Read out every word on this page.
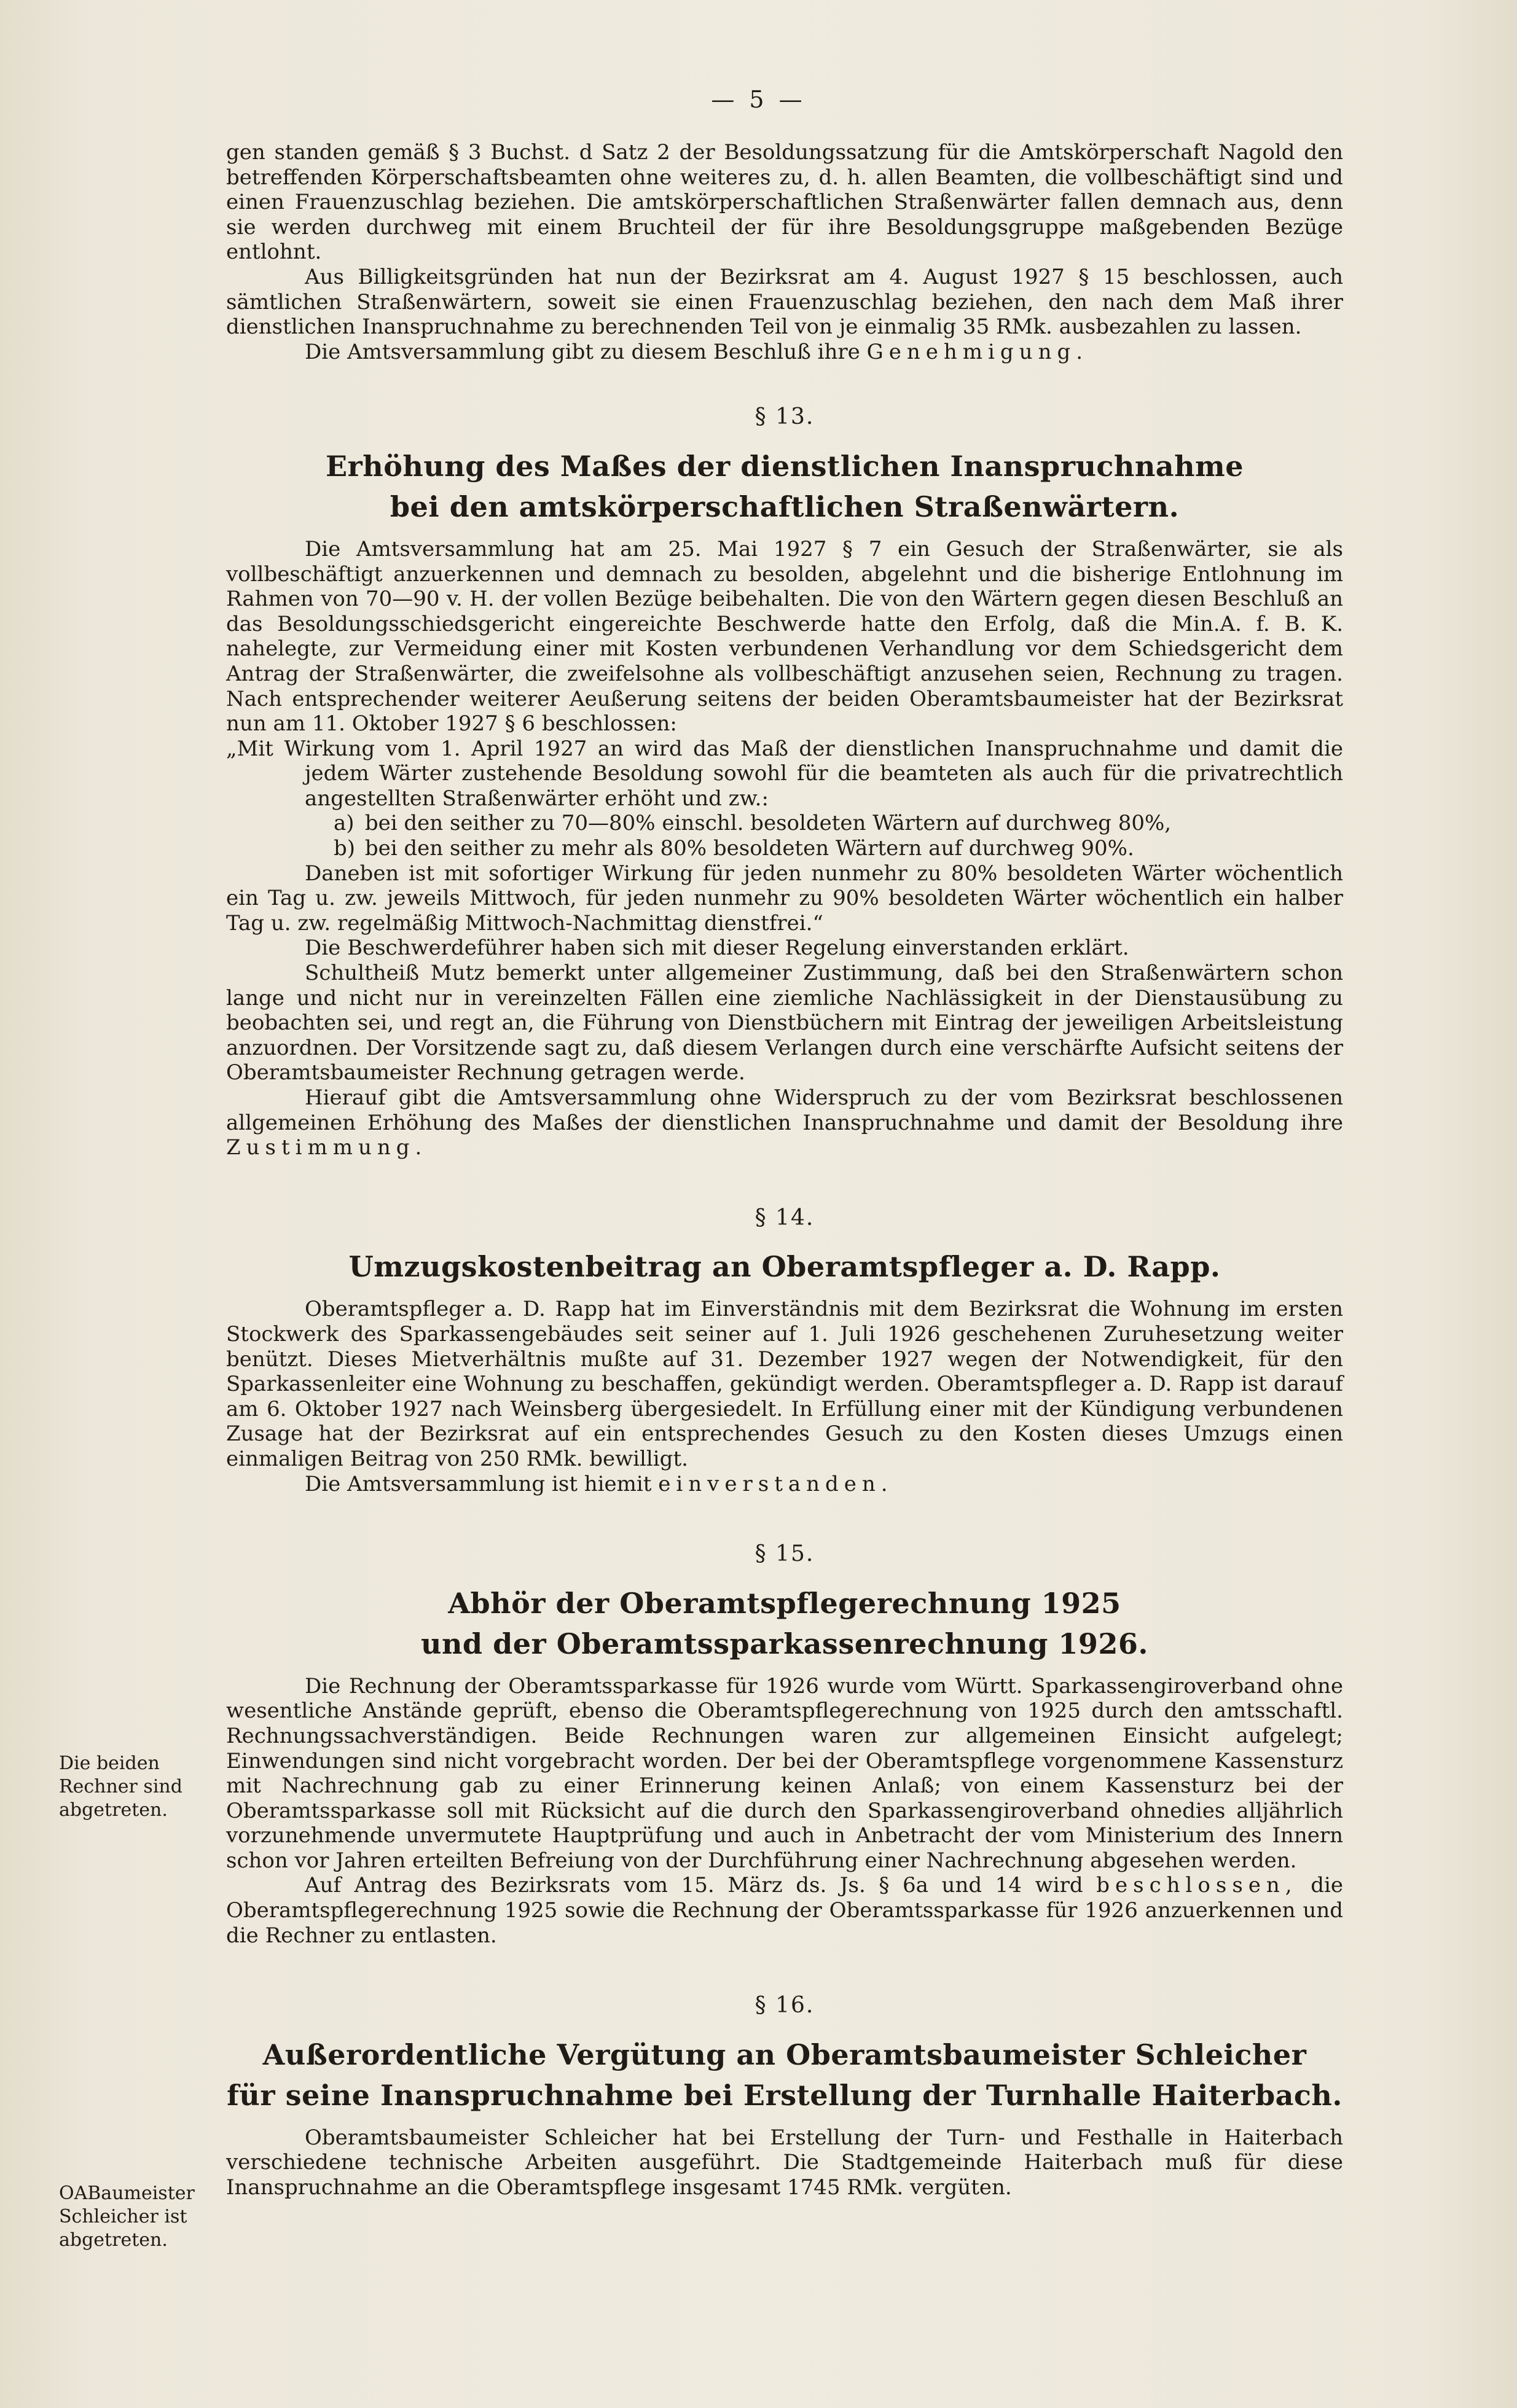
— 5 —

gen standen gemäß § 3 Buchst. d Satz 2 der Besoldungssatzung für die Amtskörperschaft Nagold den betreffenden Körperschaftsbeamten ohne weiteres zu, d. h. allen Beamten, die vollbeschäftigt sind und einen Frauenzuschlag beziehen. Die amtskörperschaftlichen Straßenwärter fallen demnach aus, denn sie werden durchweg mit einem Bruchteil der für ihre Besoldungsgruppe maßgebenden Bezüge entlohnt.

Aus Billigkeitsgründen hat nun der Bezirksrat am 4. August 1927 § 15 beschlossen, auch sämtlichen Straßenwärtern, soweit sie einen Frauenzuschlag beziehen, den nach dem Maß ihrer dienstlichen Inanspruchnahme zu berechnenden Teil von je einmalig 35 RMk. ausbezahlen zu lassen.

Die Amtsversammlung gibt zu diesem Beschluß ihre Genehmigung.

§ 13.
Erhöhung des Maßes der dienstlichen Inanspruchnahme
bei den amtskörperschaftlichen Straßenwärtern.

Die Amtsversammlung hat am 25. Mai 1927 § 7 ein Gesuch der Straßenwärter, sie als vollbeschäftigt anzuerkennen und demnach zu besolden, abgelehnt und die bisherige Entlohnung im Rahmen von 70—90 v. H. der vollen Bezüge beibehalten. Die von den Wärtern gegen diesen Beschluß an das Besoldungsschiedsgericht eingereichte Beschwerde hatte den Erfolg, daß die Min.A. f. B. K. nahelegte, zur Vermeidung einer mit Kosten verbundenen Verhandlung vor dem Schiedsgericht dem Antrag der Straßenwärter, die zweifelsohne als vollbeschäftigt anzusehen seien, Rechnung zu tragen. Nach entsprechender weiterer Aeußerung seitens der beiden Oberamtsbaumeister hat der Bezirksrat nun am 11. Oktober 1927 § 6 beschlossen:

„Mit Wirkung vom 1. April 1927 an wird das Maß der dienstlichen Inanspruchnahme und damit die jedem Wärter zustehende Besoldung sowohl für die beamteten als auch für die privatrechtlich angestellten Straßenwärter erhöht und zw.:

a) bei den seither zu 70—80% einschl. besoldeten Wärtern auf durchweg 80%,

b) bei den seither zu mehr als 80% besoldeten Wärtern auf durchweg 90%.

Daneben ist mit sofortiger Wirkung für jeden nunmehr zu 80% besoldeten Wärter wöchentlich ein Tag u. zw. jeweils Mittwoch, für jeden nunmehr zu 90% besoldeten Wärter wöchentlich ein halber Tag u. zw. regelmäßig Mittwoch-Nachmittag dienstfrei.“

Die Beschwerdeführer haben sich mit dieser Regelung einverstanden erklärt.

Schultheiß Mutz bemerkt unter allgemeiner Zustimmung, daß bei den Straßenwärtern schon lange und nicht nur in vereinzelten Fällen eine ziemliche Nachlässigkeit in der Dienstausübung zu beobachten sei, und regt an, die Führung von Dienstbüchern mit Eintrag der jeweiligen Arbeitsleistung anzuordnen. Der Vorsitzende sagt zu, daß diesem Verlangen durch eine verschärfte Aufsicht seitens der Oberamtsbaumeister Rechnung getragen werde.

Hierauf gibt die Amtsversammlung ohne Widerspruch zu der vom Bezirksrat beschlossenen allgemeinen Erhöhung des Maßes der dienstlichen Inanspruchnahme und damit der Besoldung ihre Zustimmung.

§ 14.
Umzugskostenbeitrag an Oberamtspfleger a. D. Rapp.

Oberamtspfleger a. D. Rapp hat im Einverständnis mit dem Bezirksrat die Wohnung im ersten Stockwerk des Sparkassengebäudes seit seiner auf 1. Juli 1926 geschehenen Zuruhesetzung weiter benützt. Dieses Mietverhältnis mußte auf 31. Dezember 1927 wegen der Notwendigkeit, für den Sparkassenleiter eine Wohnung zu beschaffen, gekündigt werden. Oberamtspfleger a. D. Rapp ist darauf am 6. Oktober 1927 nach Weinsberg übergesiedelt. In Erfüllung einer mit der Kündigung verbundenen Zusage hat der Bezirksrat auf ein entsprechendes Gesuch zu den Kosten dieses Umzugs einen einmaligen Beitrag von 250 RMk. bewilligt.

Die Amtsversammlung ist hiemit einverstanden.

§ 15.
Abhör der Oberamtspflegerechnung 1925
und der Oberamtssparkassenrechnung 1926.

Die Rechnung der Oberamtssparkasse für 1926 wurde vom Württ. Sparkassengiroverband ohne wesentliche Anstände geprüft, ebenso die Oberamtspflegerechnung von 1925 durch den amtsschaftl. Rechnungssachverständigen. Beide Rechnungen waren zur allgemeinen Einsicht aufgelegt; Einwendungen sind nicht vorgebracht worden. Der bei der Oberamtspflege vorgenommene Kassensturz mit Nachrechnung gab zu einer Erinnerung keinen Anlaß; von einem Kassensturz bei der Oberamtssparkasse soll mit Rücksicht auf die durch den Sparkassengiroverband ohnedies alljährlich vorzunehmende unvermutete Hauptprüfung und auch in Anbetracht der vom Ministerium des Innern schon vor Jahren erteilten Befreiung von der Durchführung einer Nachrechnung abgesehen werden.

Auf Antrag des Bezirksrats vom 15. März ds. Js. § 6a und 14 wird beschlossen, die Oberamtspflegerechnung 1925 sowie die Rechnung der Oberamtssparkasse für 1926 anzuerkennen und die Rechner zu entlasten.

§ 16.
Außerordentliche Vergütung an Oberamtsbaumeister Schleicher
für seine Inanspruchnahme bei Erstellung der Turnhalle Haiterbach.

Oberamtsbaumeister Schleicher hat bei Erstellung der Turn- und Festhalle in Haiterbach verschiedene technische Arbeiten ausgeführt. Die Stadtgemeinde Haiterbach muß für diese Inanspruchnahme an die Oberamtspflege insgesamt 1745 RMk. vergüten.

Die beiden Rechner sind abgetreten.
OABaumeister Schleicher ist abgetreten.
